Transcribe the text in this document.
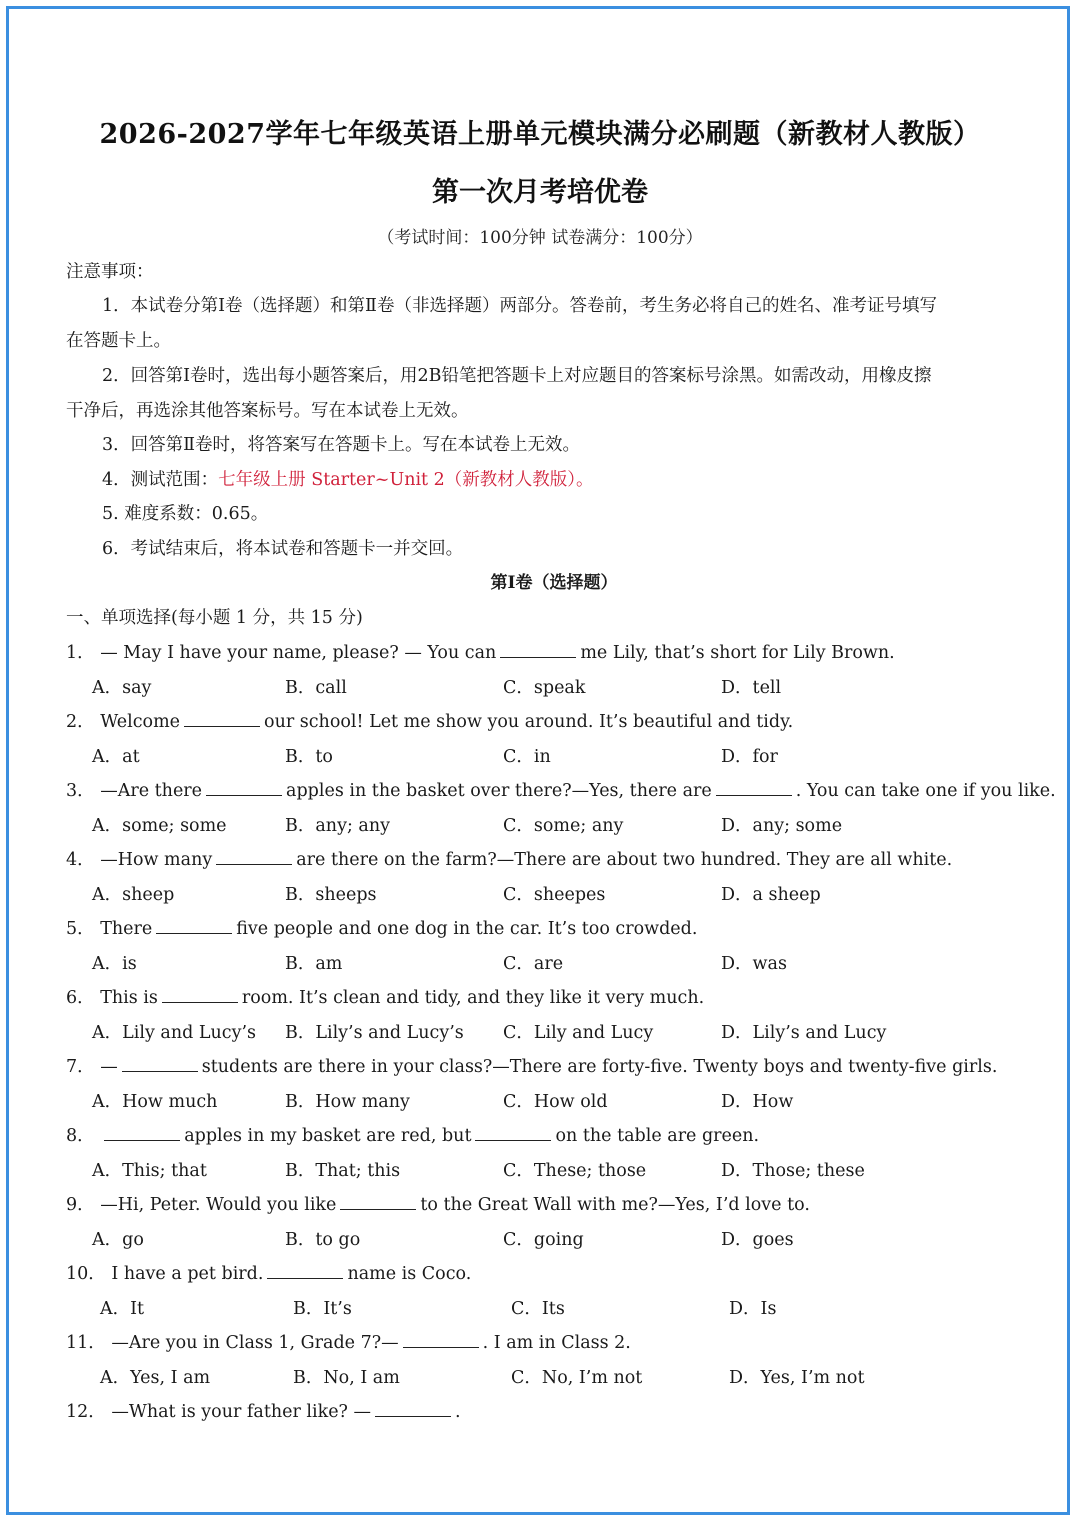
2026-2027学年七年级英语上册单元模块满分必刷题（新教材人教版）
第一次月考培优卷
（考试时间：100分钟 试卷满分：100分）
注意事项：
1．本试卷分第Ⅰ卷（选择题）和第Ⅱ卷（非选择题）两部分。答卷前，考生务必将自己的姓名、准考证号填写
在答题卡上。
2．回答第Ⅰ卷时，选出每小题答案后，用2B铅笔把答题卡上对应题目的答案标号涂黑。如需改动，用橡皮擦
干净后，再选涂其他答案标号。写在本试卷上无效。
3．回答第Ⅱ卷时，将答案写在答题卡上。写在本试卷上无效。
4．测试范围：七年级上册 Starter~Unit 2（新教材人教版）。
5. 难度系数：0.65。
6．考试结束后，将本试卷和答题卡一并交回。
第Ⅰ卷（选择题）
一、单项选择(每小题 1 分，共 15 分)
1． — May I have your name, please? — You can	me Lily, that’s short for Lily Brown.
A．say	B．call	C．speak	D．tell
2． Welcome	our school! Let me show you around. It’s beautiful and tidy.
A．at	B．to	C．in	D．for
3． —Are there	apples in the basket over there?—Yes, there are	. You can take one if you like.
A．some; some	B．any; any	C．some; any	D．any; some
4． —How many	are there on the farm?—There are about two hundred. They are all white.
A．sheep	B．sheeps	C．sheepes	D．a sheep
5． There	five people and one dog in the car. It’s too crowded.
A．is	B．am	C．are	D．was
6． This is	room. It’s clean and tidy, and they like it very much.
A．Lily and Lucy’s B．Lily’s and Lucy’s C．Lily and Lucy	D．Lily’s and Lucy
7． —	students are there in your class?—There are forty-five. Twenty boys and twenty-five girls.
A．How much	B．How many	C．How old	D．How
8．	apples in my basket are red, but	on the table are green.
A．This; that	B．That; this	C．These; those	D．Those; these
9． —Hi, Peter. Would you like	to the Great Wall with me?—Yes, I’d love to.
A．go	B．to go	C．going	D．goes
10． I have a pet bird.	name is Coco.
A．It	B．It’s	C．Its	D．Is
11． —Are you in Class 1, Grade 7?—	. I am in Class 2.
A．Yes, I am	B．No, I am	C．No, I’m not	D．Yes, I’m not
12． —What is your father like? —	.
